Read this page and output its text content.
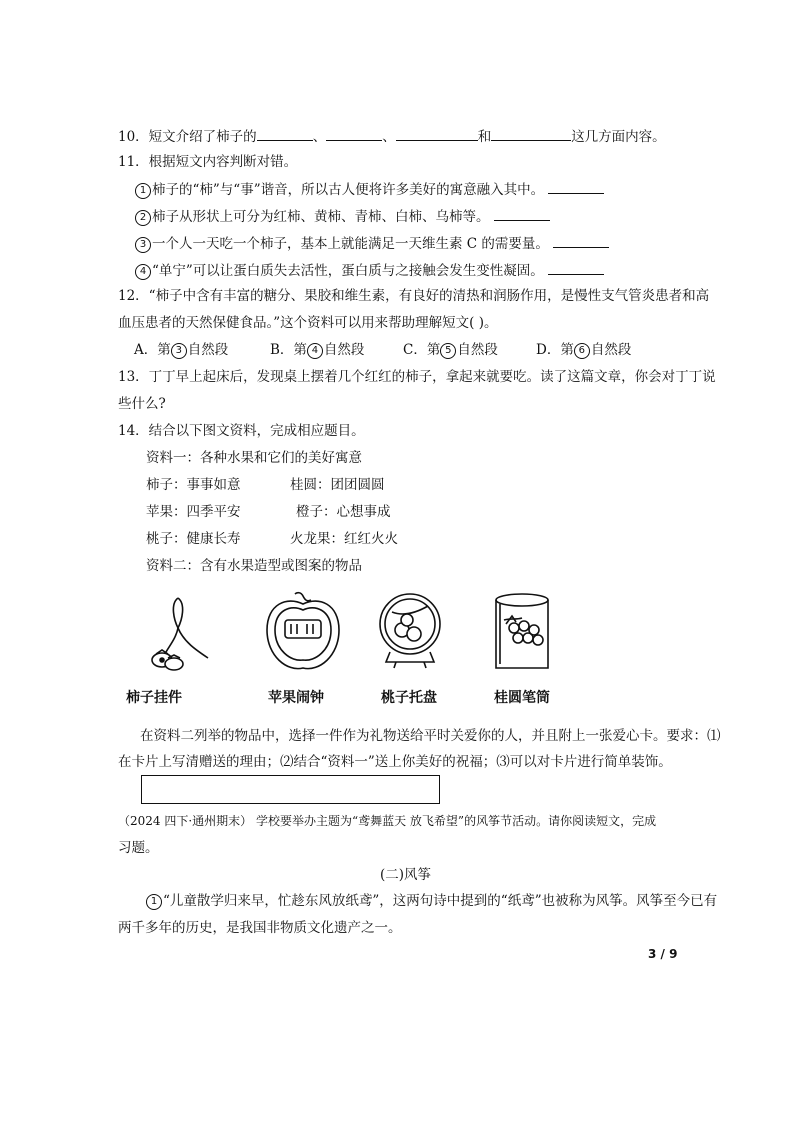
10．短文介绍了柿子的	、	、	和	这几方面内容。
11．根据短文内容判断对错。
1 柿子的“柿”与“事”谐音，所以古人便将许多美好的寓意融入其中。
2 柿子从形状上可分为红柿、黄柿、青柿、白柿、乌柿等。
3 一个人一天吃一个柿子，基本上就能满足一天维生素 C 的需要量。
4 “单宁”可以让蛋白质失去活性，蛋白质与之接触会发生变性凝固。
12．“柿子中含有丰富的糖分、果胶和维生素，有良好的清热和润肠作用，是慢性支气管炎患者和高
血压患者的天然保健食品。”这个资料可以用来帮助理解短文( )。
A．第 3 自然段	B．第 4 自然段	C．第 5 自然段	D．第 6 自然段
13．丁丁早上起床后，发现桌上摆着几个红红的柿子，拿起来就要吃。读了这篇文章，你会对丁丁说
些什么?
14．结合以下图文资料，完成相应题目。
资料一：各种水果和它们的美好寓意
柿子：事事如意	桂圆：团团圆圆
苹果：四季平安	橙子：心想事成
桃子：健康长寿	火龙果：红红火火
资料二：含有水果造型或图案的物品
柿子挂件	苹果闹钟	桃子托盘	桂圆笔筒
在资料二列举的物品中，选择一件作为礼物送给平时关爱你的人，并且附上一张爱心卡。要求：⑴
在卡片上写清赠送的理由；⑵结合“资料一”送上你美好的祝福；⑶可以对卡片进行简单装饰。
（2024 四下·通州期末） 学校要举办主题为“鸢舞蓝天 放飞希望”的风筝节活动。请你阅读短文，完成
习题。
(二)风筝
1 “儿童散学归来早，忙趁东风放纸鸢”，这两句诗中提到的“纸鸢”也被称为风筝。风筝至今已有
两千多年的历史，是我国非物质文化遗产之一。
3 / 9
